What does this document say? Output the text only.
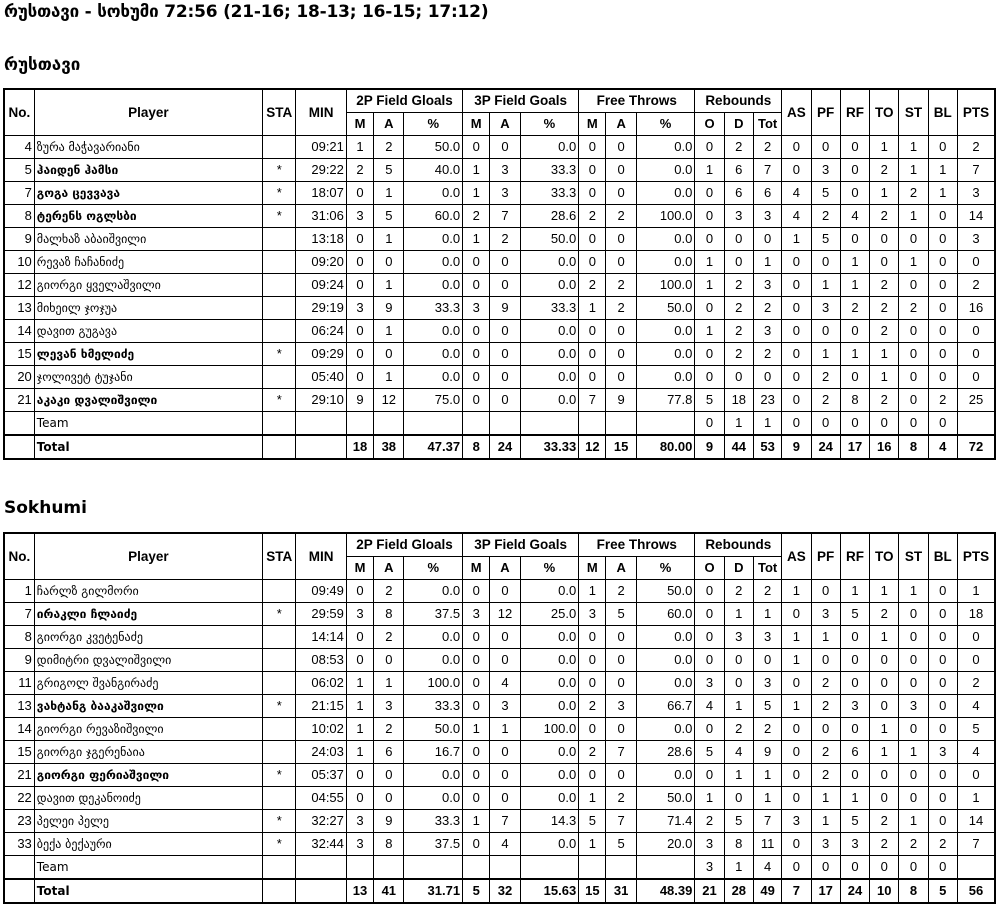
რუსთავი - სოხუმი 72:56 (21-16; 18-13; 16-15; 17:12)
რუსთავი
No.	Player	STA	MIN	2P Field Gloals			3P Field Goals			Free Throws			Rebounds			AS	PF	RF	TO	ST	BL	PTS
				M	A	%	M	A	%	M	A	%	O	D	Tot							
4	ზურა მაჭავარიანი		09:21	1	2	50.0	0	0	0.0	0	0	0.0	0	2	2	0	0	0	1	1	0	2
5	ჰაიდენ ჰამსი	*	29:22	2	5	40.0	1	3	33.3	0	0	0.0	1	6	7	0	3	0	2	1	1	7
7	გოგა ცევვავა	*	18:07	0	1	0.0	1	3	33.3	0	0	0.0	0	6	6	4	5	0	1	2	1	3
8	ტერენს ოგლსბი	*	31:06	3	5	60.0	2	7	28.6	2	2	100.0	0	3	3	4	2	4	2	1	0	14
9	მალხაზ აბაიშვილი		13:18	0	1	0.0	1	2	50.0	0	0	0.0	0	0	0	1	5	0	0	0	0	3
10	რევაზ ჩაჩანიძე		09:20	0	0	0.0	0	0	0.0	0	0	0.0	1	0	1	0	0	1	0	1	0	0
12	გიორგი ყველაშვილი		09:24	0	1	0.0	0	0	0.0	2	2	100.0	1	2	3	0	1	1	2	0	0	2
13	მიხეილ ჯოჯუა		29:19	3	9	33.3	3	9	33.3	1	2	50.0	0	2	2	0	3	2	2	2	0	16
14	დავით გუგავა		06:24	0	1	0.0	0	0	0.0	0	0	0.0	1	2	3	0	0	0	2	0	0	0
15	ლევან ხმელიძე	*	09:29	0	0	0.0	0	0	0.0	0	0	0.0	0	2	2	0	1	1	1	0	0	0
20	ჯოლივეტ ტუჯანი		05:40	0	1	0.0	0	0	0.0	0	0	0.0	0	0	0	0	2	0	1	0	0	0
21	აკაკი დვალიშვილი	*	29:10	9	12	75.0	0	0	0.0	7	9	77.8	5	18	23	0	2	8	2	0	2	25
	Team												0	1	1	0	0	0	0	0	0	
	Total			18	38	47.37	8	24	33.33	12	15	80.00	9	44	53	9	24	17	16	8	4	72
Sokhumi
No.	Player	STA	MIN	2P Field Gloals			3P Field Goals			Free Throws			Rebounds			AS	PF	RF	TO	ST	BL	PTS
				M	A	%	M	A	%	M	A	%	O	D	Tot							
1	ჩარლზ გილმორი		09:49	0	2	0.0	0	0	0.0	1	2	50.0	0	2	2	1	0	1	1	1	0	1
7	ირაკლი ჩლაიძე	*	29:59	3	8	37.5	3	12	25.0	3	5	60.0	0	1	1	0	3	5	2	0	0	18
8	გიორგი კვეტენაძე		14:14	0	2	0.0	0	0	0.0	0	0	0.0	0	3	3	1	1	0	1	0	0	0
9	დიმიტრი დვალიშვილი		08:53	0	0	0.0	0	0	0.0	0	0	0.0	0	0	0	1	0	0	0	0	0	0
11	გრიგოლ შვანგირაძე		06:02	1	1	100.0	0	4	0.0	0	0	0.0	3	0	3	0	2	0	0	0	0	2
13	ვახტანგ ბააკაშვილი	*	21:15	1	3	33.3	0	3	0.0	2	3	66.7	4	1	5	1	2	3	0	3	0	4
14	გიორგი რევაზიშვილი		10:02	1	2	50.0	1	1	100.0	0	0	0.0	0	2	2	0	0	0	1	0	0	5
15	გიორგი ჯგერენაია		24:03	1	6	16.7	0	0	0.0	2	7	28.6	5	4	9	0	2	6	1	1	3	4
21	გიორგი ფერიაშვილი	*	05:37	0	0	0.0	0	0	0.0	0	0	0.0	0	1	1	0	2	0	0	0	0	0
22	დავით დეკანოიძე		04:55	0	0	0.0	0	0	0.0	1	2	50.0	1	0	1	0	1	1	0	0	0	1
23	პელეი პელე	*	32:27	3	9	33.3	1	7	14.3	5	7	71.4	2	5	7	3	1	5	2	1	0	14
33	ბექა ბექაური	*	32:44	3	8	37.5	0	4	0.0	1	5	20.0	3	8	11	0	3	3	2	2	2	7
	Team												3	1	4	0	0	0	0	0	0	
	Total			13	41	31.71	5	32	15.63	15	31	48.39	21	28	49	7	17	24	10	8	5	56
